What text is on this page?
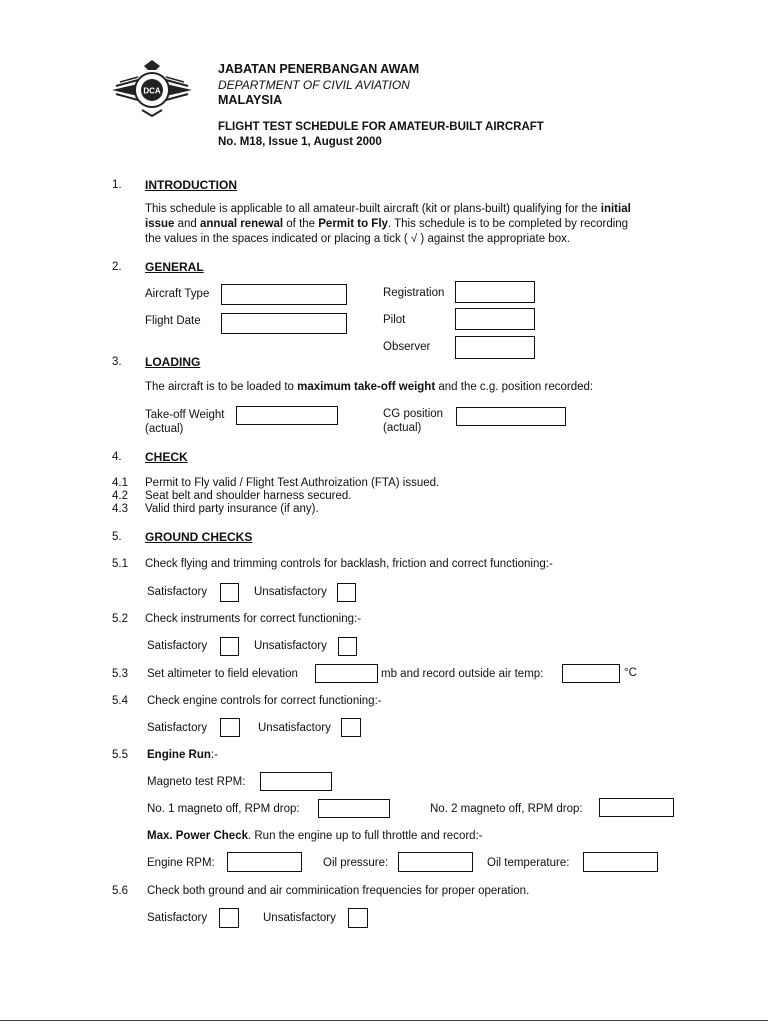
DCA
JABATAN PENERBANGAN AWAM
DEPARTMENT OF CIVIL AVIATION
MALAYSIA
FLIGHT TEST SCHEDULE FOR AMATEUR-BUILT AIRCRAFT
No. M18, Issue 1, August 2000
1. INTRODUCTION
This schedule is applicable to all amateur-built aircraft (kit or plans-built) qualifying for the initial
issue and annual renewal of the Permit to Fly. This schedule is to be completed by recording
the values in the spaces indicated or placing a tick ( √ ) against the appropriate box.
2. GENERAL
Aircraft Type
Flight Date
Registration
Pilot
Observer
3. LOADING
The aircraft is to be loaded to maximum take-off weight and the c.g. position recorded:
Take-off Weight
(actual)
CG position
(actual)
4. CHECK
4.1 Permit to Fly valid / Flight Test Authroization (FTA) issued.
4.2 Seat belt and shoulder harness secured.
4.3 Valid third party insurance (if any).
5. GROUND CHECKS
5.1 Check flying and trimming controls for backlash, friction and correct functioning:-
Satisfactory	Unsatisfactory
5.2 Check instruments for correct functioning:-
Satisfactory	Unsatisfactory
5.3 Set altimeter to field elevation	mb and record outside air temp:	°C
5.4 Check engine controls for correct functioning:-
Satisfactory	Unsatisfactory
5.5 Engine Run:-
Magneto test RPM:
No. 1 magneto off, RPM drop:	No. 2 magneto off, RPM drop:
Max. Power Check. Run the engine up to full throttle and record:-
Engine RPM:	Oil pressure:	Oil temperature:
5.6 Check both ground and air comminication frequencies for proper operation.
Satisfactory	Unsatisfactory
